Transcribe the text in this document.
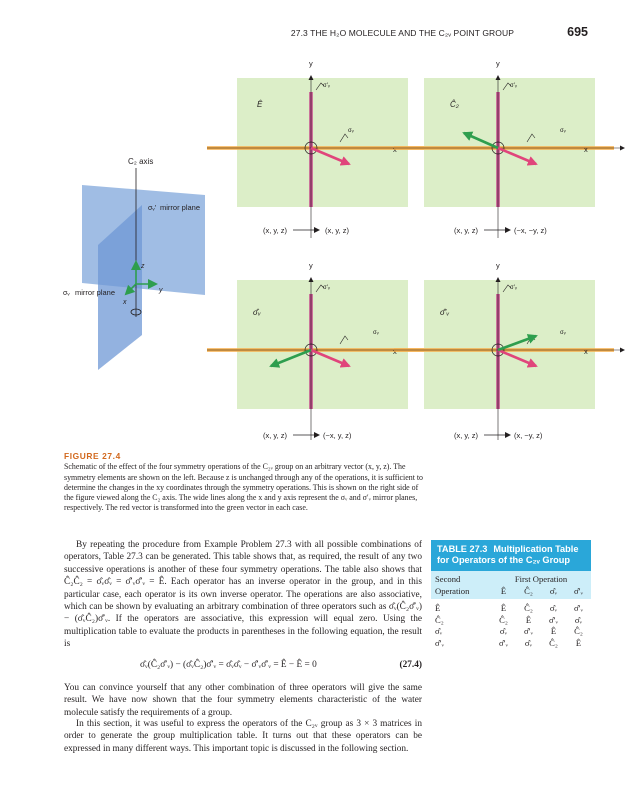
27.3 THE H₂O MOLECULE AND THE C₂ᵥ POINT GROUP	695
C₂ axis
σᵥ′ mirror plane
z
y
x
σᵥ mirror plane
Ê
y
σ′ᵥ
σᵥ
(x, y, z)	(x, y, z)
Ĉ₂
y
x
σ′ᵥ
σᵥ
(x, y, z)	(−x, −y, z)
σ̂ᵥ
y
σ′ᵥ
σᵥ
(x, y, z)	(−x, y, z)
σ̂′ᵥ
y
x
σ′ᵥ
σᵥ
(x, y, z)	(x, −y, z)
FIGURE 27.4
Schematic of the effect of the four symmetry operations of the C₂ᵥ group on an arbitrary vector (x, y, z). The symmetry elements are shown on the left. Because z is unchanged through any of the operations, it is sufficient to determine the changes in the xy coordinates through the symmetry operations. This is shown on the right side of the figure viewed along the C₂ axis. The wide lines along the x and y axis represent the σᵥ and σ′ᵥ mirror planes, respectively. The red vector is transformed into the green vector in each case.
By repeating the procedure from Example Problem 27.3 with all possible combinations of operators, Table 27.3 can be generated. This table shows that, as required, the result of any two successive operations is another of these four symmetry operations. The table also shows that Ĉ₂Ĉ₂ = σ̂ᵥσ̂ᵥ = σ̂′ᵥσ̂′ᵥ = Ê. Each operator has an inverse operator in the group, and in this particular case, each operator is its own inverse operator. The operations are also associative, which can be shown by evaluating an arbitrary combination of three operators such as σ̂ᵥ(Ĉ₂σ̂′ᵥ) − (σ̂ᵥĈ₂)σ̂′ᵥ. If the operators are associative, this expression will equal zero. Using the multiplication table to evaluate the products in parentheses in the following equation, the result is
σ̂ᵥ(Ĉ₂σ̂′ᵥ) − (σ̂ᵥĈ₂)σ̂′ᵥ = σ̂ᵥσ̂ᵥ − σ̂′ᵥσ̂′ᵥ = Ê − Ê = 0	(27.4)
You can convince yourself that any other combination of three operators will give the same result. We have now shown that the four symmetry elements characteristic of the water molecule satisfy the requirements of a group.
In this section, it was useful to express the operators of the C₂ᵥ group as 3 × 3 matrices in order to generate the group multiplication table. It turns out that these operators can be expressed in many different ways. This important topic is discussed in the following section.
TABLE 27.3 Multiplication Table for Operators of the C₂ᵥ Group
Second	First Operation
Operation	Ê	Ĉ₂	σ̂ᵥ	σ̂′ᵥ
Ê	Ê	Ĉ₂	σ̂ᵥ	σ̂′ᵥ
Ĉ₂	Ĉ₂	Ê	σ̂′ᵥ	σ̂ᵥ
σ̂ᵥ	σ̂ᵥ	σ̂′ᵥ	Ê	Ĉ₂
σ̂′ᵥ	σ̂′ᵥ	σ̂ᵥ	Ĉ₂	Ê
